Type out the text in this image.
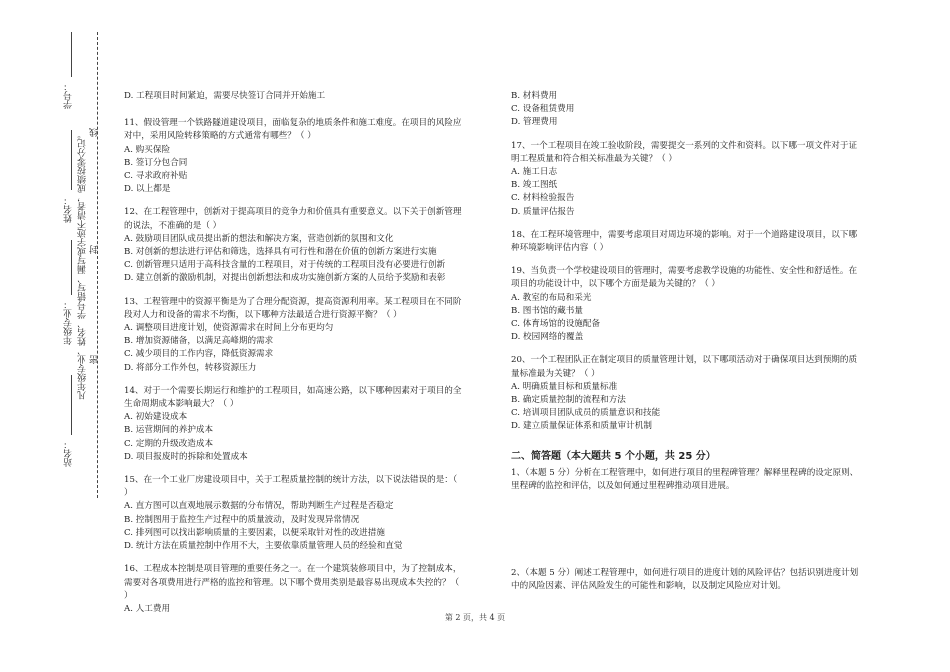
学号：
姓名：
年级专业： 凡年级专业、姓名、学号错写、漏写或字迹不清者，成绩按零分记。
站名：
密
封
线

D. 工程项目时间紧迫，需要尽快签订合同并开始施工

11、假设管理一个铁路隧道建设项目，面临复杂的地质条件和施工难度。在项目的风险应对中，采用风险转移策略的方式通常有哪些？（ ）

A. 购买保险
B. 签订分包合同
C. 寻求政府补贴
D. 以上都是

12、在工程管理中，创新对于提高项目的竞争力和价值具有重要意义。以下关于创新管理的说法，不准确的是（ ）

A. 鼓励项目团队成员提出新的想法和解决方案，营造创新的氛围和文化
B. 对创新的想法进行评估和筛选，选择具有可行性和潜在价值的创新方案进行实施
C. 创新管理只适用于高科技含量的工程项目，对于传统的工程项目没有必要进行创新
D. 建立创新的激励机制，对提出创新想法和成功实施创新方案的人员给予奖励和表彰

13、工程管理中的资源平衡是为了合理分配资源，提高资源利用率。某工程项目在不同阶段对人力和设备的需求不均衡，以下哪种方法最适合进行资源平衡？（ ）

A. 调整项目进度计划，使资源需求在时间上分布更均匀
B. 增加资源储备，以满足高峰期的需求
C. 减少项目的工作内容，降低资源需求
D. 将部分工作外包，转移资源压力

14、对于一个需要长期运行和维护的工程项目，如高速公路，以下哪种因素对于项目的全生命周期成本影响最大？（ ）

A. 初始建设成本
B. 运营期间的养护成本
C. 定期的升级改造成本
D. 项目报废时的拆除和处置成本

15、在一个工业厂房建设项目中，关于工程质量控制的统计方法，以下说法错误的是：（ ）

A. 直方图可以直观地展示数据的分布情况，帮助判断生产过程是否稳定
B. 控制图用于监控生产过程中的质量波动，及时发现异常情况
C. 排列图可以找出影响质量的主要因素，以便采取针对性的改进措施
D. 统计方法在质量控制中作用不大，主要依靠质量管理人员的经验和直觉

16、工程成本控制是项目管理的重要任务之一。在一个建筑装修项目中，为了控制成本，需要对各项费用进行严格的监控和管理。以下哪个费用类别是最容易出现成本失控的？（ ）

A. 人工费用
B. 材料费用
C. 设备租赁费用
D. 管理费用

17、一个工程项目在竣工验收阶段，需要提交一系列的文件和资料。以下哪一项文件对于证明工程质量和符合相关标准最为关键？（ ）

A. 施工日志
B. 竣工图纸
C. 材料检验报告
D. 质量评估报告

18、在工程环境管理中，需要考虑项目对周边环境的影响。对于一个道路建设项目，以下哪种环境影响评估内容（ ）

19、当负责一个学校建设项目的管理时，需要考虑教学设施的功能性、安全性和舒适性。在项目的功能设计中，以下哪个方面是最为关键的？（ ）

A. 教室的布局和采光
B. 图书馆的藏书量
C. 体育场馆的设施配备
D. 校园网络的覆盖

20、一个工程团队正在制定项目的质量管理计划，以下哪项活动对于确保项目达到预期的质量标准最为关键？（ ）

A. 明确质量目标和质量标准
B. 确定质量控制的流程和方法
C. 培训项目团队成员的质量意识和技能
D. 建立质量保证体系和质量审计机制
二、简答题（本大题共 5 个小题，共 25 分）

1、（本题 5 分）分析在工程管理中，如何进行项目的里程碑管理？解释里程碑的设定原则、里程碑的监控和评估，以及如何通过里程碑推动项目进展。

2、（本题 5 分）阐述工程管理中，如何进行项目的进度计划的风险评估？包括识别进度计划中的风险因素、评估风险发生的可能性和影响，以及制定风险应对计划。

第 2 页，共 4 页
